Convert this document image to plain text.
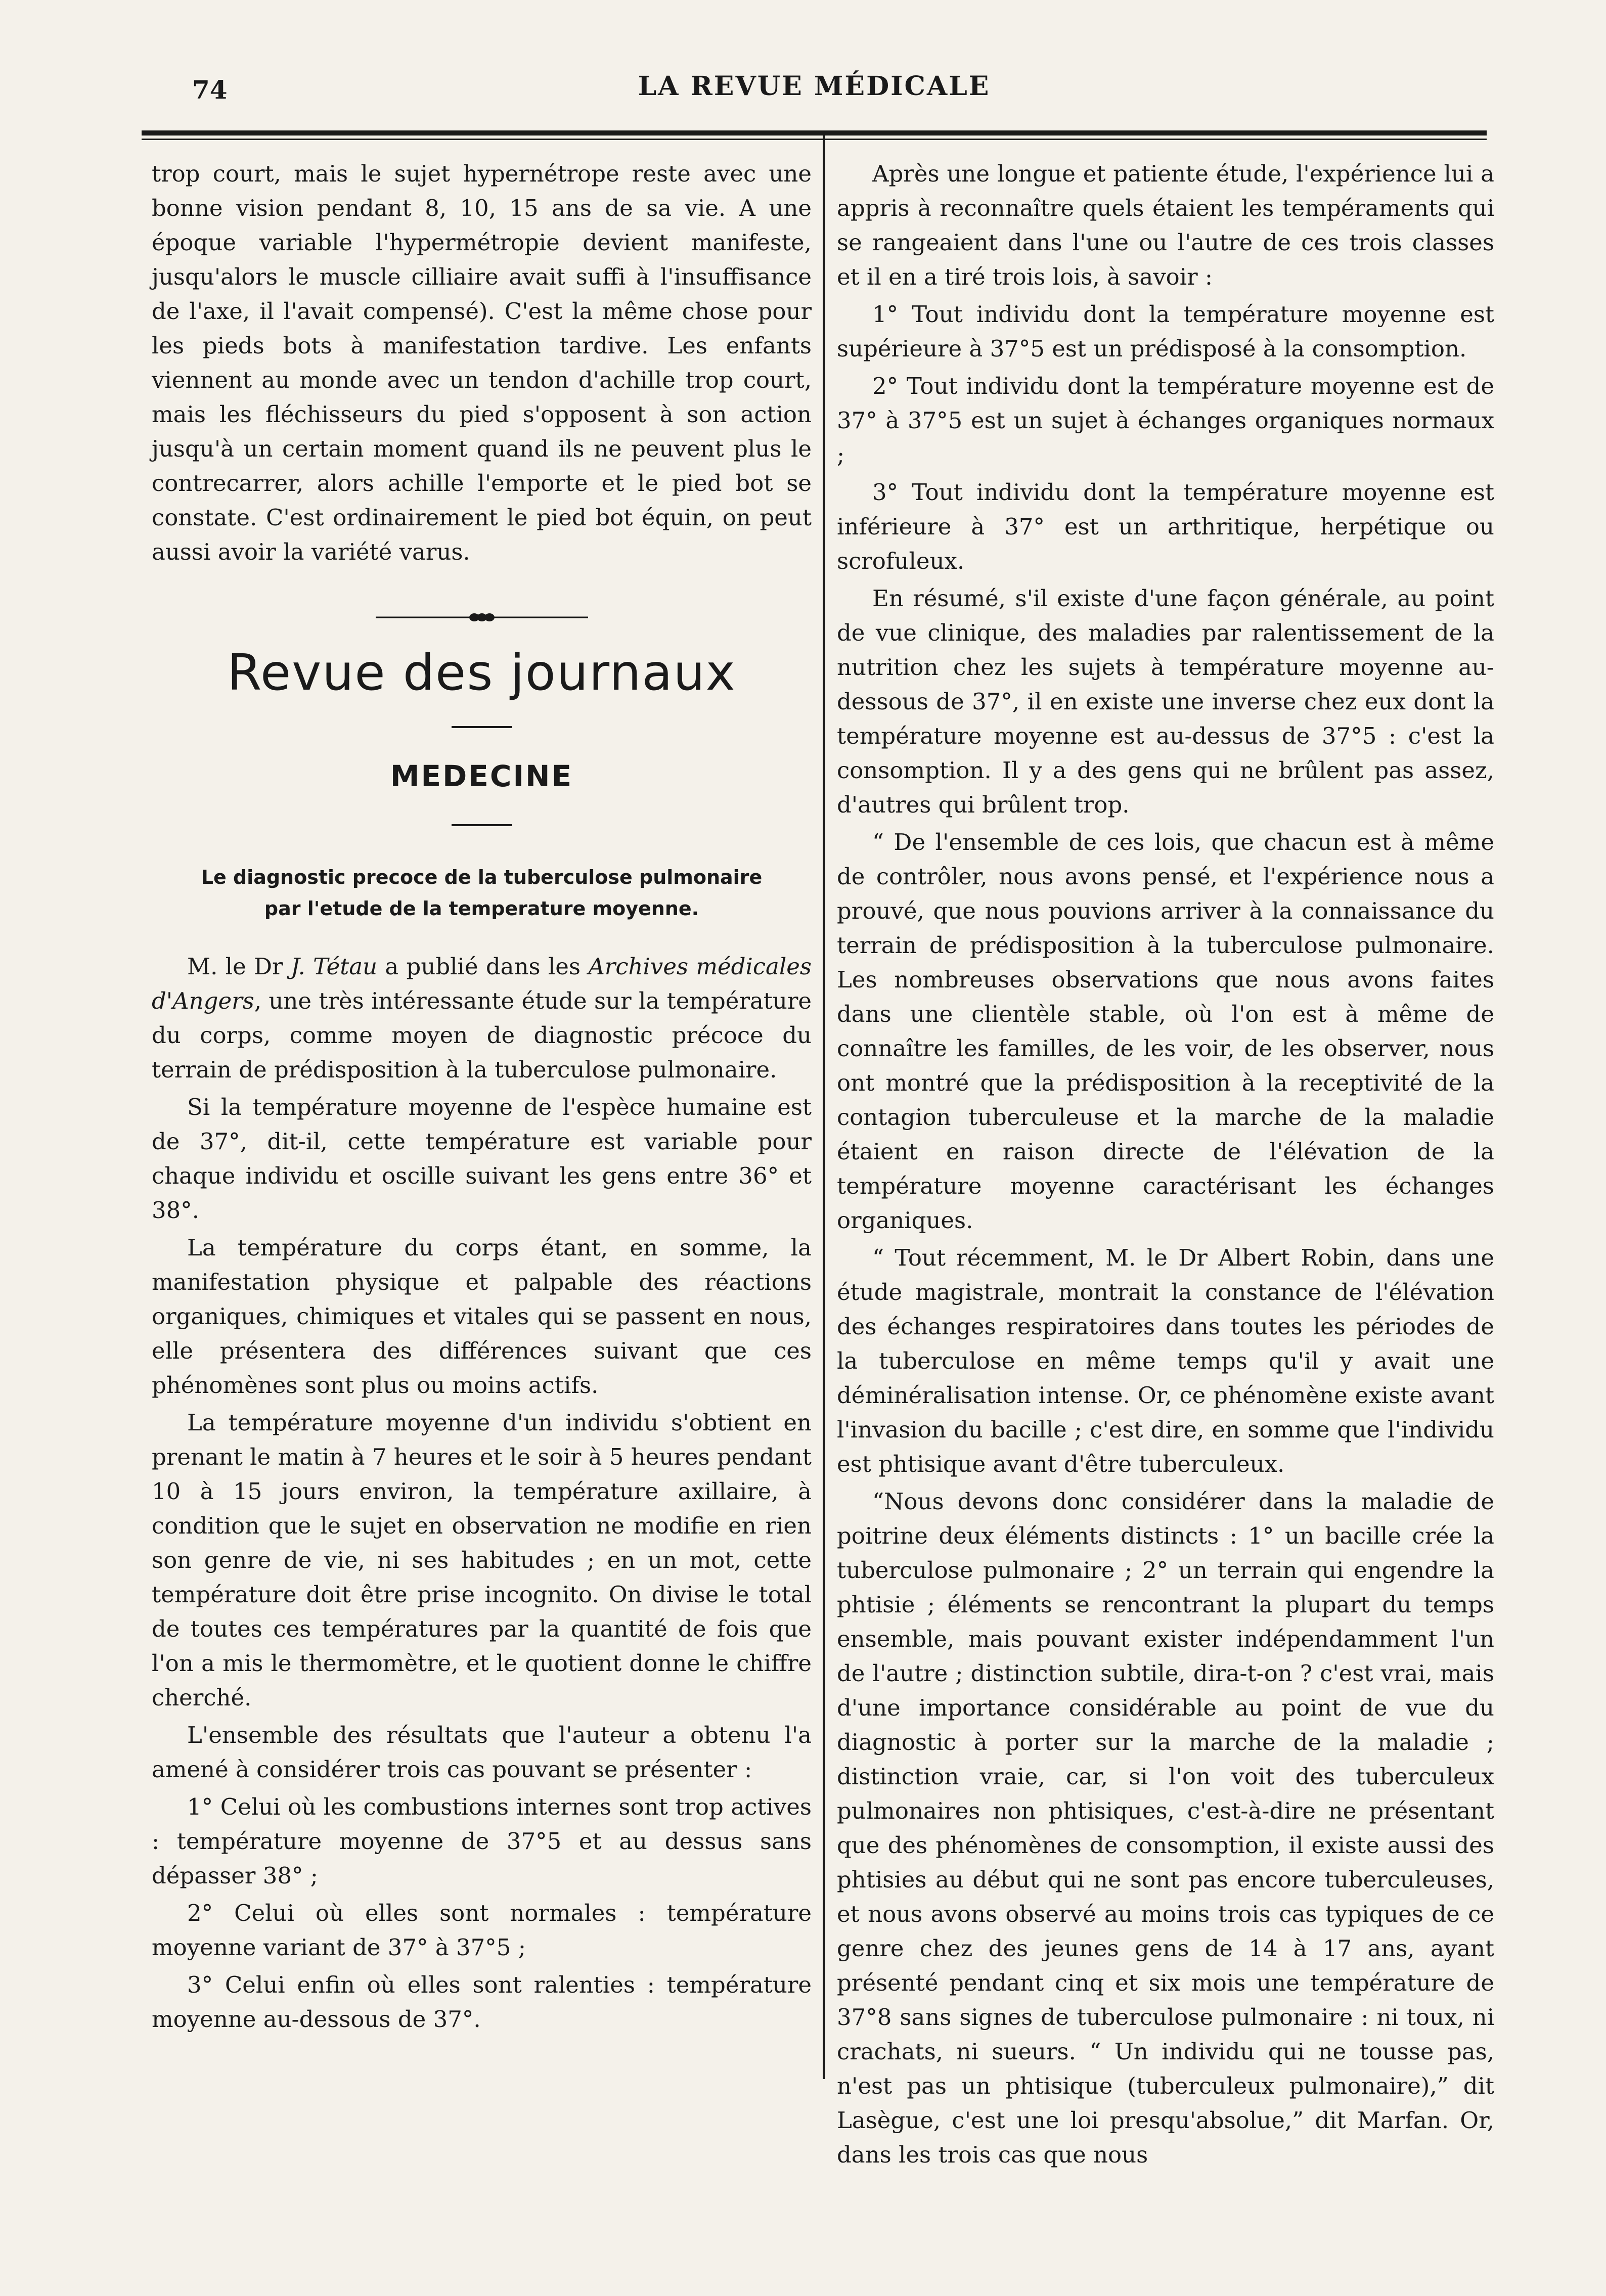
74	LA REVUE MÉDICALE

trop court, mais le sujet hypernétrope reste avec une bonne vision pendant 8, 10, 15 ans de sa vie. A une époque variable l'hypermétropie devient manifeste, jusqu'alors le muscle cilliaire avait suffi à l'insuffisance de l'axe, il l'avait compensé). C'est la même chose pour les pieds bots à manifestation tardive. Les enfants viennent au monde avec un tendon d'achille trop court, mais les fléchisseurs du pied s'opposent à son action jusqu'à un certain moment quand ils ne peuvent plus le contrecarrer, alors achille l'emporte et le pied bot se constate. C'est ordinairement le pied bot équin, on peut aussi avoir la variété varus.

Revue des journaux
MEDECINE
Le diagnostic precoce de la tuberculose pulmonaire
par l'etude de la temperature moyenne.

M. le Dr J. Tétau a publié dans les Archives médicales d'Angers, une très intéressante étude sur la température du corps, comme moyen de diagnostic précoce du terrain de prédisposition à la tuberculose pulmonaire.

Si la température moyenne de l'espèce humaine est de 37°, dit-il, cette température est variable pour chaque individu et oscille suivant les gens entre 36° et 38°.

La température du corps étant, en somme, la manifestation physique et palpable des réactions organiques, chimiques et vitales qui se passent en nous, elle présentera des différences suivant que ces phénomènes sont plus ou moins actifs.

La température moyenne d'un individu s'obtient en prenant le matin à 7 heures et le soir à 5 heures pendant 10 à 15 jours environ, la température axillaire, à condition que le sujet en observation ne modifie en rien son genre de vie, ni ses habitudes ; en un mot, cette température doit être prise incognito. On divise le total de toutes ces températures par la quantité de fois que l'on a mis le thermomètre, et le quotient donne le chiffre cherché.

L'ensemble des résultats que l'auteur a obtenu l'a amené à considérer trois cas pouvant se présenter :

1° Celui où les combustions internes sont trop actives : température moyenne de 37°5 et au dessus sans dépasser 38° ;

2° Celui où elles sont normales : température moyenne variant de 37° à 37°5 ;

3° Celui enfin où elles sont ralenties : température moyenne au-dessous de 37°.

Après une longue et patiente étude, l'expérience lui a appris à reconnaître quels étaient les tempéraments qui se rangeaient dans l'une ou l'autre de ces trois classes et il en a tiré trois lois, à savoir :

1° Tout individu dont la température moyenne est supérieure à 37°5 est un prédisposé à la consomption.

2° Tout individu dont la température moyenne est de 37° à 37°5 est un sujet à échanges organiques normaux ;

3° Tout individu dont la température moyenne est inférieure à 37° est un arthritique, herpétique ou scrofuleux.

En résumé, s'il existe d'une façon générale, au point de vue clinique, des maladies par ralentissement de la nutrition chez les sujets à température moyenne au-dessous de 37°, il en existe une inverse chez eux dont la température moyenne est au-dessus de 37°5 : c'est la consomption. Il y a des gens qui ne brûlent pas assez, d'autres qui brûlent trop.

“ De l'ensemble de ces lois, que chacun est à même de contrôler, nous avons pensé, et l'expérience nous a prouvé, que nous pouvions arriver à la connaissance du terrain de prédisposition à la tuberculose pulmonaire. Les nombreuses observations que nous avons faites dans une clientèle stable, où l'on est à même de connaître les familles, de les voir, de les observer, nous ont montré que la prédisposition à la receptivité de la contagion tuberculeuse et la marche de la maladie étaient en raison directe de l'élévation de la température moyenne caractérisant les échanges organiques.

“ Tout récemment, M. le Dr Albert Robin, dans une étude magistrale, montrait la constance de l'élévation des échanges respiratoires dans toutes les périodes de la tuberculose en même temps qu'il y avait une déminéralisation intense. Or, ce phénomène existe avant l'invasion du bacille ; c'est dire, en somme que l'individu est phtisique avant d'être tuberculeux.

“Nous devons donc considérer dans la maladie de poitrine deux éléments distincts : 1° un bacille crée la tuberculose pulmonaire ; 2° un terrain qui engendre la phtisie ; éléments se rencontrant la plupart du temps ensemble, mais pouvant exister indépendamment l'un de l'autre ; distinction subtile, dira-t-on ? c'est vrai, mais d'une importance considérable au point de vue du diagnostic à porter sur la marche de la maladie ; distinction vraie, car, si l'on voit des tuberculeux pulmonaires non phtisiques, c'est-à-dire ne présentant que des phénomènes de consomption, il existe aussi des phtisies au début qui ne sont pas encore tuberculeuses, et nous avons observé au moins trois cas typiques de ce genre chez des jeunes gens de 14 à 17 ans, ayant présenté pendant cinq et six mois une température de 37°8 sans signes de tuberculose pulmonaire : ni toux, ni crachats, ni sueurs. “ Un individu qui ne tousse pas, n'est pas un phtisique (tuberculeux pulmonaire),” dit Lasègue, c'est une loi presqu'absolue,” dit Marfan. Or, dans les trois cas que nous
